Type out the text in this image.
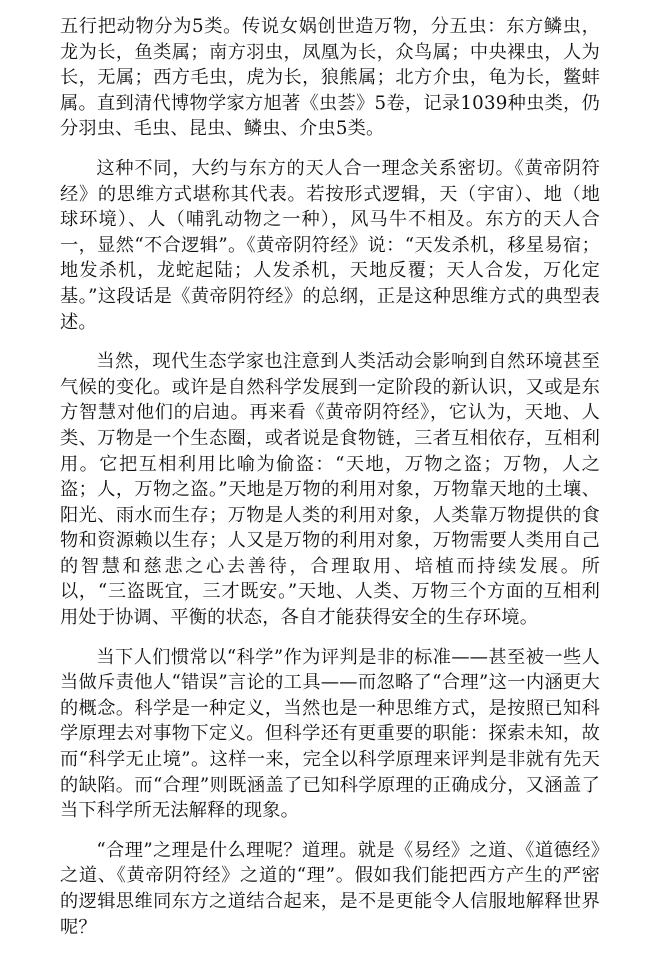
五行把动物分为5类。传说女娲创世造万物，分五虫：东方鳞虫，龙为长，鱼类属；南方羽虫，凤凰为长，众鸟属；中央裸虫，人为长，无属；西方毛虫，虎为长，狼熊属；北方介虫，龟为长，鳖蚌属。直到清代博物学家方旭著《虫荟》5卷，记录1039种虫类，仍分羽虫、毛虫、昆虫、鳞虫、介虫5类。

这种不同，大约与东方的天人合一理念关系密切。《黄帝阴符经》的思维方式堪称其代表。若按形式逻辑，天（宇宙）、地（地球环境）、人（哺乳动物之一种），风马牛不相及。东方的天人合一，显然“不合逻辑”。《黄帝阴符经》说：“天发杀机，移星易宿；地发杀机，龙蛇起陆；人发杀机，天地反覆；天人合发，万化定基。”这段话是《黄帝阴符经》的总纲，正是这种思维方式的典型表述。

当然，现代生态学家也注意到人类活动会影响到自然环境甚至气候的变化。或许是自然科学发展到一定阶段的新认识，又或是东方智慧对他们的启迪。再来看《黄帝阴符经》，它认为，天地、人类、万物是一个生态圈，或者说是食物链，三者互相依存，互相利用。它把互相利用比喻为偷盗：“天地，万物之盗；万物，人之盗；人，万物之盗。”天地是万物的利用对象，万物靠天地的土壤、阳光、雨水而生存；万物是人类的利用对象，人类靠万物提供的食物和资源赖以生存；人又是万物的利用对象，万物需要人类用自己的智慧和慈悲之心去善待，合理取用、培植而持续发展。所以，“三盗既宜，三才既安。”天地、人类、万物三个方面的互相利用处于协调、平衡的状态，各自才能获得安全的生存环境。

当下人们惯常以“科学”作为评判是非的标准——甚至被一些人当做斥责他人“错误”言论的工具——而忽略了“合理”这一内涵更大的概念。科学是一种定义，当然也是一种思维方式，是按照已知科学原理去对事物下定义。但科学还有更重要的职能：探索未知，故而“科学无止境”。这样一来，完全以科学原理来评判是非就有先天的缺陷。而“合理”则既涵盖了已知科学原理的正确成分，又涵盖了当下科学所无法解释的现象。

“合理”之理是什么理呢？道理。就是《易经》之道、《道德经》之道、《黄帝阴符经》之道的“理”。假如我们能把西方产生的严密的逻辑思维同东方之道结合起来，是不是更能令人信服地解释世界呢？
